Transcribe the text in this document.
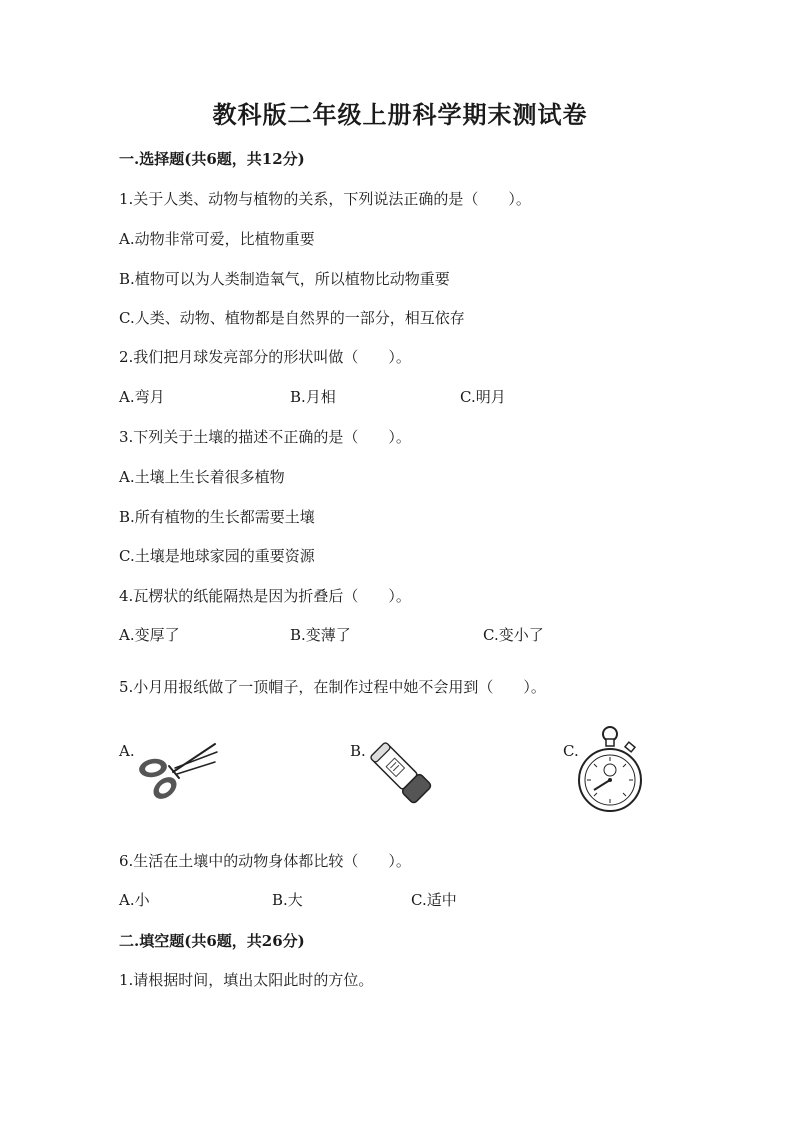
教科版二年级上册科学期末测试卷
一.选择题(共6题，共12分)
1.关于人类、动物与植物的关系，下列说法正确的是（　　）。
A.动物非常可爱，比植物重要
B.植物可以为人类制造氧气，所以植物比动物重要
C.人类、动物、植物都是自然界的一部分，相互依存
2.我们把月球发亮部分的形状叫做（　　）。
A.弯月	B.月相	C.明月
3.下列关于土壤的描述不正确的是（　　）。
A.土壤上生长着很多植物
B.所有植物的生长都需要土壤
C.土壤是地球家园的重要资源
4.瓦楞状的纸能隔热是因为折叠后（　　）。
A.变厚了	B.变薄了	C.变小了
5.小月用报纸做了一顶帽子，在制作过程中她不会用到（　　）。
A.	B.	C.
6.生活在土壤中的动物身体都比较（　　）。
A.小	B.大	C.适中
二.填空题(共6题，共26分)
1.请根据时间，填出太阳此时的方位。
